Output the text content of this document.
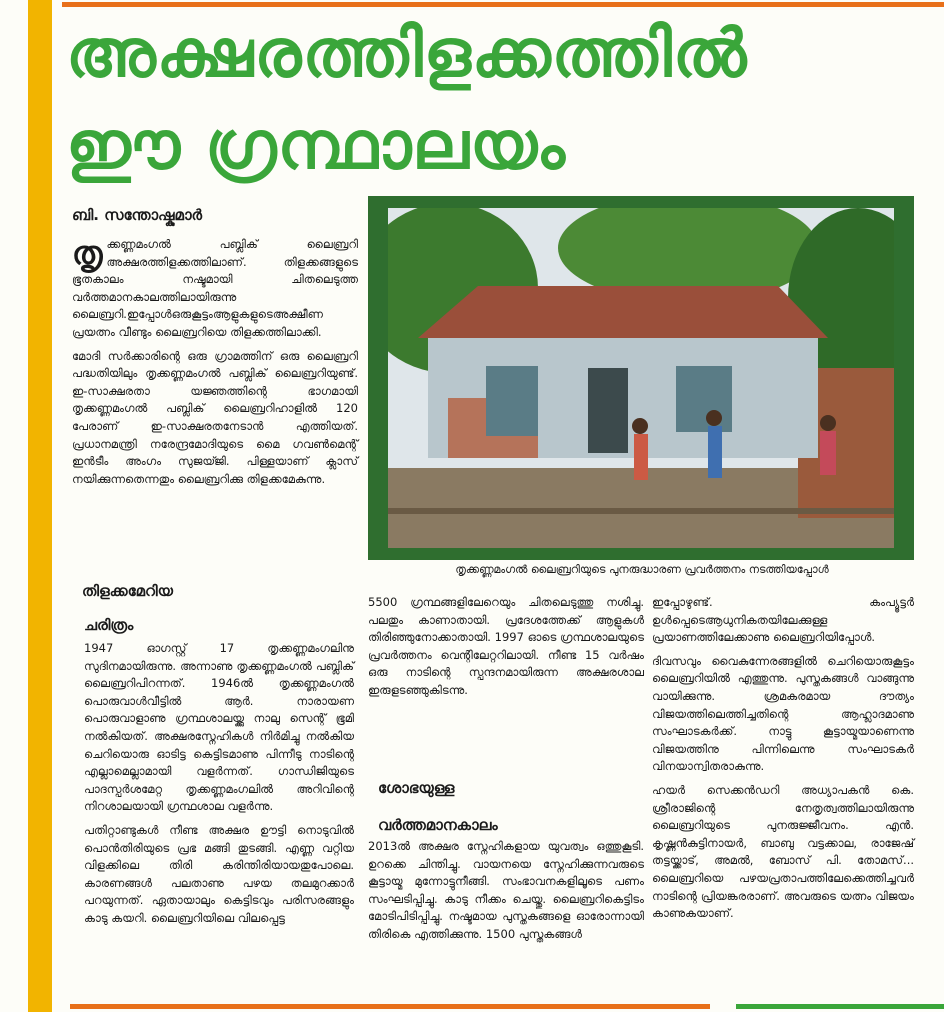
അക്ഷരത്തിളക്കത്തിൽ
ഈ ഗ്രന്ഥാലയം
ബി. സന്തോഷ്കുമാർ

തൃക്കണ്ണമംഗൽ പബ്ലിക് ലൈബ്രറി അക്ഷരത്തിളക്കത്തിലാണ്. തിളക്കങ്ങളുടെ ഭൂതകാലം നഷ്ടമായി ചിതലെടുത്ത വർത്തമാനകാലത്തിലായിരുന്നു ലൈബ്രറി.ഇപ്പോൾഒരുകൂട്ടംആളുകളുടെഅക്ഷീണ പ്രയത്നം വീണ്ടും ലൈബ്രറിയെ തിളക്കത്തിലാക്കി.

മോദി സർക്കാരിന്റെ ഒരു ഗ്രാമത്തിന് ഒരു ലൈബ്രറി പദ്ധതിയിലും തൃക്കണ്ണമംഗൽ പബ്ലിക് ലൈബ്രറിയുണ്ട്. ഇ-സാക്ഷരതാ യജ്ഞത്തിന്റെ ഭാഗമായി തൃക്കണ്ണമംഗൽ പബ്ലിക് ലൈബ്രറിഹാളിൽ 120 പേരാണ് ഇ-സാക്ഷരതനേടാൻ എത്തിയത്. പ്രധാനമന്ത്രി നരേന്ദ്രമോദിയുടെ മൈ ഗവൺമെന്റ് ഇൻടീം അംഗം സുജയ്ജി. പിള്ളയാണ് ക്ലാസ് നയിക്കുന്നതെന്നതും ലൈബ്രറിക്കു തിളക്കമേകുന്നു.

തൃക്കണ്ണമംഗൽ ലൈബ്രറിയുടെ പുനരുദ്ധാരണ പ്രവർത്തനം നടത്തിയപ്പോൾ
തിളക്കമേറിയ
ചരിത്രം

1947 ഓഗസ്റ്റ് 17 തൃക്കണ്ണമംഗലിനു സുദിനമായിരുന്നു. അന്നാണു തൃക്കണ്ണമംഗൽ പബ്ലിക് ലൈബ്രറിപിറന്നത്. 1946ൽ തൃക്കണ്ണമംഗൽ പൊരുവാൾവീട്ടിൽ ആർ. നാരായണ പൊരുവാളാണു ഗ്രന്ഥശാലയ്ക്കു നാലു സെന്റ് ഭൂമി നൽകിയത്. അക്ഷരസ്നേഹികൾ നിർമിച്ചു നൽകിയ ചെറിയൊരു ഓടിട്ട കെട്ടിടമാണു പിന്നീടു നാടിന്റെ എല്ലാമെല്ലാമായി വളർന്നത്. ഗാന്ധിജിയുടെ പാദസ്പർശമേറ്റ തൃക്കണ്ണമംഗലിൽ അറിവിന്റെ നിറശാലയായി ഗ്രന്ഥശാല വളർന്നു.

പതിറ്റാണ്ടുകൾ നീണ്ട അക്ഷര ഊട്ടി നൊടുവിൽ പൊൻതിരിയുടെ പ്രഭ മങ്ങി തുടങ്ങി. എണ്ണ വറ്റിയ വിളക്കിലെ തിരി കരിന്തിരിയായതുപോലെ. കാരണങ്ങൾ പലതാണു പഴയ തലമുറക്കാർ പറയുന്നത്. ഏതായാലും കെട്ടിടവും പരിസരങ്ങളും കാടു കയറി. ലൈബ്രറിയിലെ വിലപ്പെട്ട

5500 ഗ്രന്ഥങ്ങളിലേറെയും ചിതലെടുത്തു നശിച്ചു. പലതും കാണാതായി. പ്രദേശത്തേക്ക് ആളുകൾ തിരിഞ്ഞുനോക്കാതായി. 1997 ഓടെ ഗ്രന്ഥശാലയുടെ പ്രവർത്തനം വെന്റിലേറ്ററിലായി. നീണ്ട 15 വർഷം ഒരു നാടിന്റെ സ്പന്ദനമായിരുന്ന അക്ഷരശാല ഇരുളടഞ്ഞുകിടന്നു.

ശോഭയുള്ള
വർത്തമാനകാലം

2013ൽ അക്ഷര സ്നേഹികളായ യുവത്വം ഒത്തുകൂടി. ഉറക്കെ ചിന്തിച്ചു. വായനയെ സ്നേഹിക്കുന്നവരുടെ കൂട്ടായ്മ മുന്നോട്ടുനീങ്ങി. സംഭാവനകളിലൂടെ പണം സംഘടിപ്പിച്ചു. കാടു നീക്കം ചെയ്തു. ലൈബ്രറികെട്ടിടം മോടിപിടിപ്പിച്ചു. നഷ്ടമായ പുസ്തകങ്ങളെ ഓരോന്നായി തിരികെ എത്തിക്കുന്നു. 1500 പുസ്തകങ്ങൾ

ഇപ്പോഴുണ്ട്. കംപ്യൂട്ടർ ഉൾപ്പെടെആധുനികതയിലേക്കുള്ള പ്രയാണത്തിലേക്കാണു ലൈബ്രറിയിപ്പോൾ.

ദിവസവും വൈകുന്നേരങ്ങളിൽ ചെറിയൊരുകൂട്ടം ലൈബ്രറിയിൽ എത്തുന്നു. പുസ്തകങ്ങൾ വാങ്ങുന്നു വായിക്കുന്നു. ശ്രമകരമായ ദൗത്യം വിജയത്തിലെത്തിച്ചതിന്റെ ആഹ്ലാദമാണു സംഘാടകർക്ക്. നാട്ടു കൂട്ടായ്മയാണെന്നു വിജയത്തിനു പിന്നിലെന്നു സംഘാടകർ വിനയാന്വിതരാകുന്നു.

ഹയർ സെക്കൻഡറി അധ്യാപകൻ കെ. ശ്രീരാജിന്റെ നേതൃത്വത്തിലായിരുന്നു ലൈബ്രറിയുടെ പുനരുജ്ജീവനം. എൻ. കൃഷ്ണൻകുട്ടിനായർ, ബാബു വട്ടക്കാല, രാജേഷ് തട്ടയ്ക്കാട്, അമൽ, ബോസ് പി. തോമസ്... ലൈബ്രറിയെ പഴയപ്രതാപത്തിലേക്കെത്തിച്ചവർ നാടിന്റെ പ്രിയങ്കരരാണ്. അവരുടെ യത്നം വിജയം കാണുകയാണ്.
